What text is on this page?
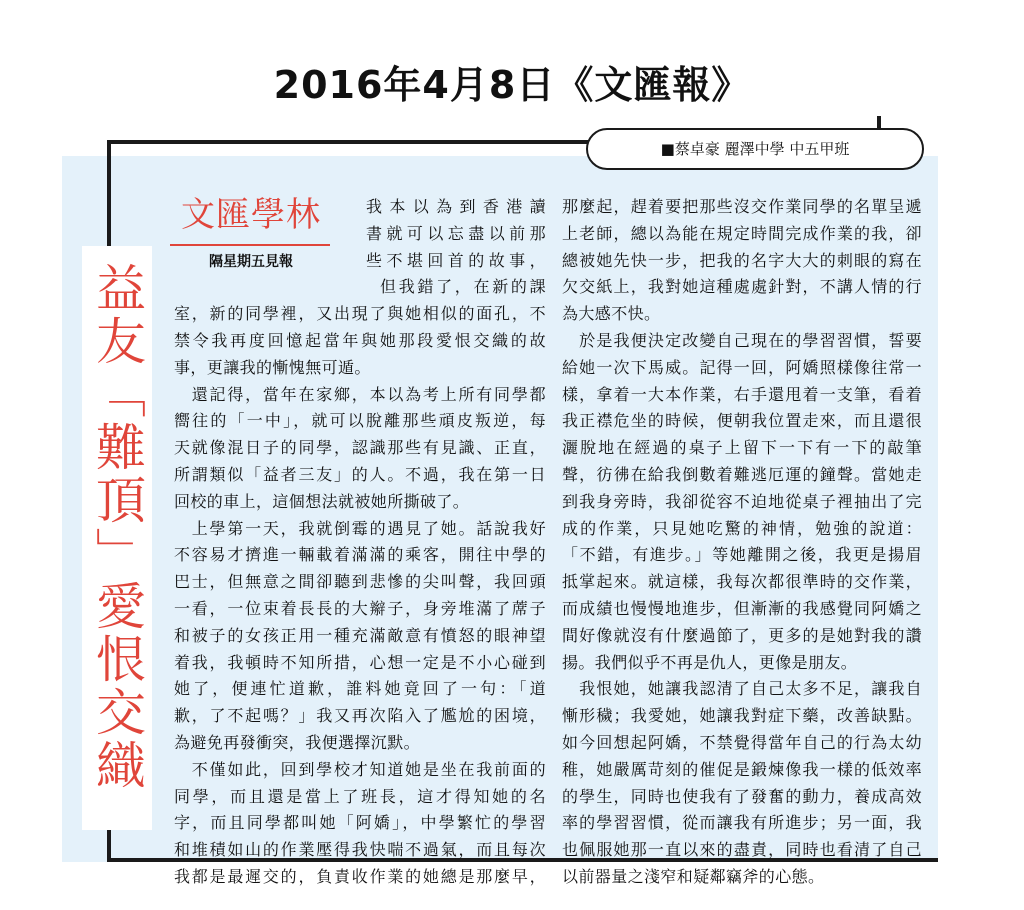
2016年4月8日《文匯報》
■蔡卓豪 麗澤中學 中五甲班
益友「難頂」愛恨交織
文匯學林
隔星期五見報
我本以為到香港讀
書就可以忘盡以前那
些不堪回首的故事，
但我錯了，在新的課
室，新的同學裡，又出現了與她相似的面孔，不
禁令我再度回憶起當年與她那段愛恨交織的故
事，更讓我的慚愧無可遁。
　還記得，當年在家鄉，本以為考上所有同學都
嚮往的「一中」，就可以脫離那些頑皮叛逆，每
天就像混日子的同學，認識那些有見識、正直，
所謂類似「益者三友」的人。不過，我在第一日
回校的車上，這個想法就被她所撕破了。
　上學第一天，我就倒霉的遇見了她。話說我好
不容易才擠進一輛載着滿滿的乘客，開往中學的
巴士，但無意之間卻聽到悲慘的尖叫聲，我回頭
一看，一位束着長長的大辮子，身旁堆滿了蓆子
和被子的女孩正用一種充滿敵意有憤怒的眼神望
着我，我頓時不知所措，心想一定是不小心碰到
她了，便連忙道歉，誰料她竟回了一句：「道
歉，了不起嗎？」我又再次陷入了尷尬的困境，
為避免再發衝突，我便選擇沉默。
　不僅如此，回到學校才知道她是坐在我前面的
同學，而且還是當上了班長，這才得知她的名
字，而且同學都叫她「阿嬌」，中學繁忙的學習
和堆積如山的作業壓得我快喘不過氣，而且每次
我都是最遲交的，負責收作業的她總是那麼早，
那麼起，趕着要把那些沒交作業同學的名單呈遞
上老師，總以為能在規定時間完成作業的我，卻
總被她先快一步，把我的名字大大的刺眼的寫在
欠交紙上，我對她這種處處針對，不講人情的行
為大感不快。
　於是我便決定改變自己現在的學習習慣，誓要
給她一次下馬威。記得一回，阿嬌照樣像往常一
樣，拿着一大本作業，右手還甩着一支筆，看着
我正襟危坐的時候，便朝我位置走來，而且還很
灑脫地在經過的桌子上留下一下有一下的敲筆
聲，彷彿在給我倒數着難逃厄運的鐘聲。當她走
到我身旁時，我卻從容不迫地從桌子裡抽出了完
成的作業，只見她吃驚的神情，勉強的說道：
「不錯，有進步。」等她離開之後，我更是揚眉
抵掌起來。就這樣，我每次都很準時的交作業，
而成績也慢慢地進步，但漸漸的我感覺同阿嬌之
間好像就沒有什麼過節了，更多的是她對我的讚
揚。我們似乎不再是仇人，更像是朋友。
　我恨她，她讓我認清了自己太多不足，讓我自
慚形穢；我愛她，她讓我對症下藥，改善缺點。
如今回想起阿嬌，不禁覺得當年自己的行為太幼
稚，她嚴厲苛刻的催促是鍛煉像我一樣的低效率
的學生，同時也使我有了發奮的動力，養成高效
率的學習習慣，從而讓我有所進步；另一面，我
也佩服她那一直以來的盡責，同時也看清了自己
以前器量之淺窄和疑鄰竊斧的心態。
